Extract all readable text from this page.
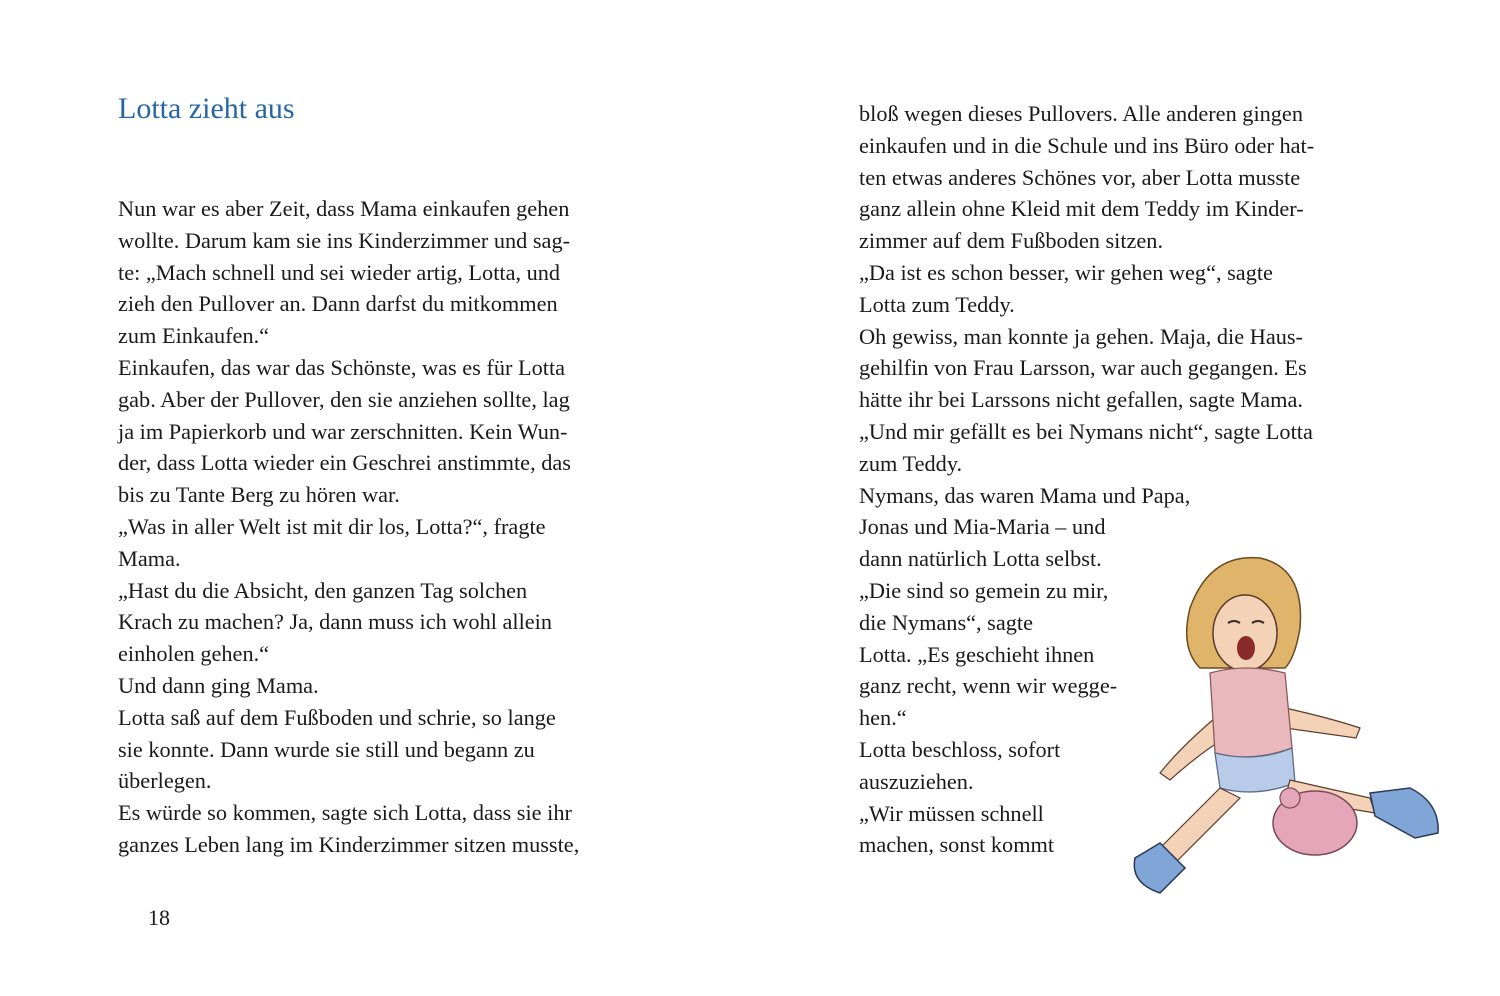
Lotta zieht aus
Nun war es aber Zeit, dass Mama einkaufen gehen
wollte. Darum kam sie ins Kinderzimmer und sag-
te: „Mach schnell und sei wieder artig, Lotta, und
zieh den Pullover an. Dann darfst du mitkommen
zum Einkaufen.“
Einkaufen, das war das Schönste, was es für Lotta
gab. Aber der Pullover, den sie anziehen sollte, lag
ja im Papierkorb und war zerschnitten. Kein Wun-
der, dass Lotta wieder ein Geschrei anstimmte, das
bis zu Tante Berg zu hören war.
„Was in aller Welt ist mit dir los, Lotta?“, fragte
Mama.
„Hast du die Absicht, den ganzen Tag solchen
Krach zu machen? Ja, dann muss ich wohl allein
einholen gehen.“
Und dann ging Mama.
Lotta saß auf dem Fußboden und schrie, so lange
sie konnte. Dann wurde sie still und begann zu
überlegen.
Es würde so kommen, sagte sich Lotta, dass sie ihr
ganzes Leben lang im Kinderzimmer sitzen musste,
bloß wegen dieses Pullovers. Alle anderen gingen
einkaufen und in die Schule und ins Büro oder hat-
ten etwas anderes Schönes vor, aber Lotta musste
ganz allein ohne Kleid mit dem Teddy im Kinder-
zimmer auf dem Fußboden sitzen.
„Da ist es schon besser, wir gehen weg“, sagte
Lotta zum Teddy.
Oh gewiss, man konnte ja gehen. Maja, die Haus-
gehilfin von Frau Larsson, war auch gegangen. Es
hätte ihr bei Larssons nicht gefallen, sagte Mama.
„Und mir gefällt es bei Nymans nicht“, sagte Lotta
zum Teddy.
Nymans, das waren Mama und Papa,
Jonas und Mia-Maria – und
dann natürlich Lotta selbst.
„Die sind so gemein zu mir,
die Nymans“, sagte
Lotta. „Es geschieht ihnen
ganz recht, wenn wir wegge-
hen.“
Lotta beschloss, sofort
auszuziehen.
„Wir müssen schnell
machen, sonst kommt
18
